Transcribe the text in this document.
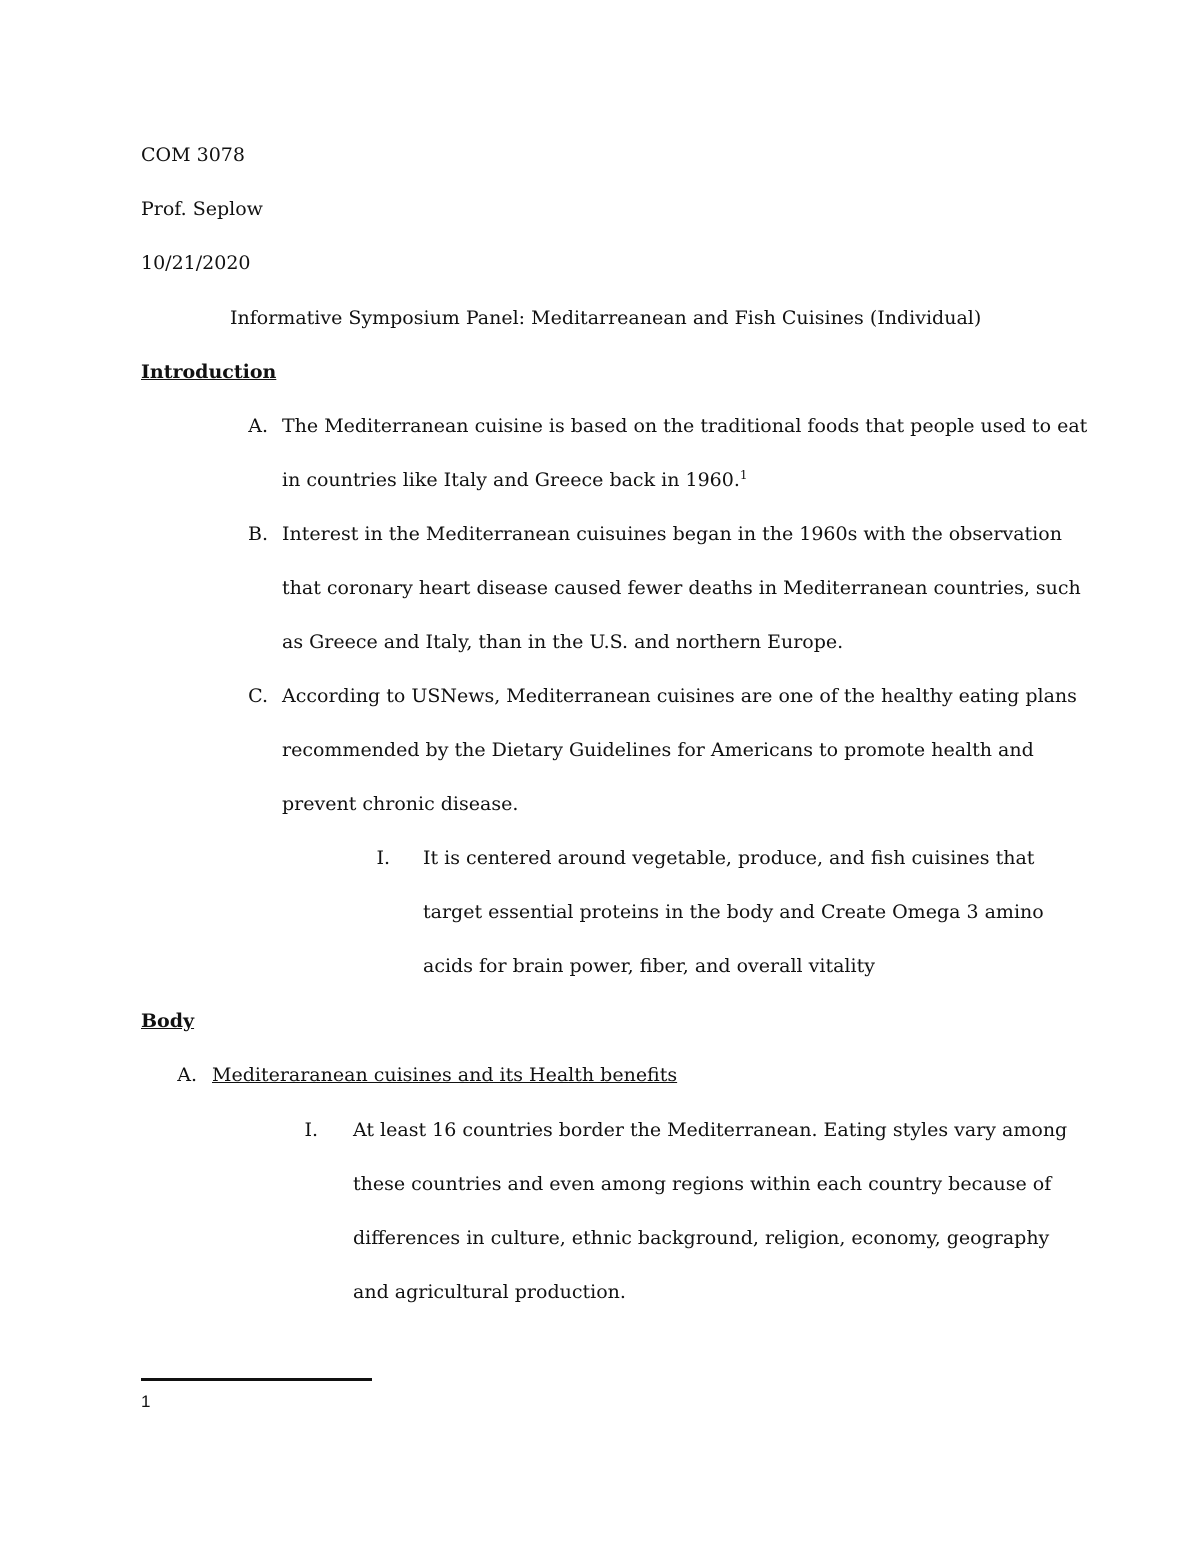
COM 3078
Prof. Seplow
10/21/2020
Informative Symposium Panel: Meditarreanean and Fish Cuisines (Individual)
Introduction
A. The Mediterranean cuisine is based on the traditional foods that people used to eat
in countries like Italy and Greece back in 1960.$^1$
B. Interest in the Mediterranean cuisuines began in the 1960s with the observation
that coronary heart disease caused fewer deaths in Mediterranean countries, such
as Greece and Italy, than in the U.S. and northern Europe.
C. According to USNews, Mediterranean cuisines are one of the healthy eating plans
recommended by the Dietary Guidelines for Americans to promote health and
prevent chronic disease.
I. It is centered around vegetable, produce, and fish cuisines that
target essential proteins in the body and Create Omega 3 amino
acids for brain power, fiber, and overall vitality
Body
A. Mediteraranean cuisines and its Health benefits
I. At least 16 countries border the Mediterranean. Eating styles vary among
these countries and even among regions within each country because of
differences in culture, ethnic background, religion, economy, geography
and agricultural production.
1
